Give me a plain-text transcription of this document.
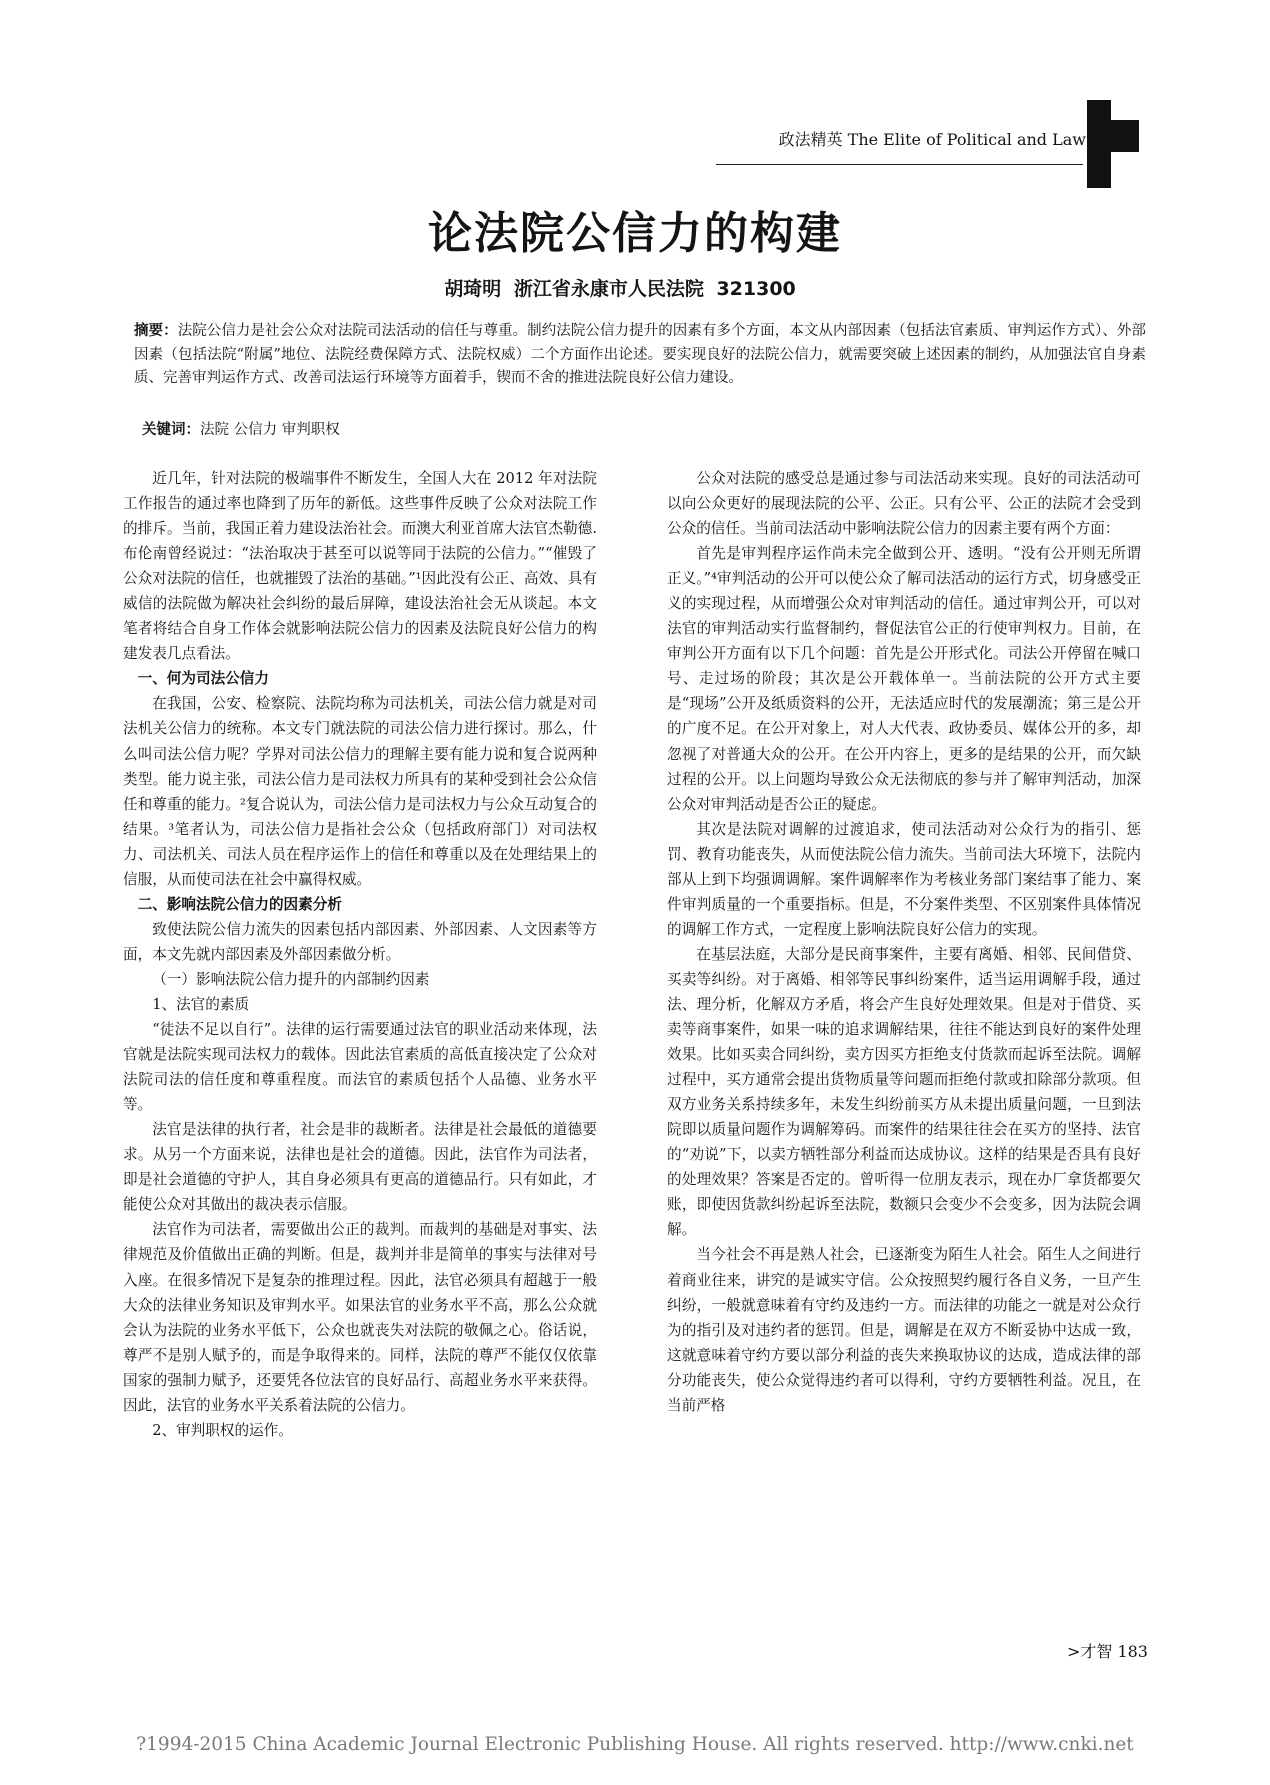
政法精英 The Elite of Political and Law
论法院公信力的构建
胡琦明 浙江省永康市人民法院 321300
摘要：法院公信力是社会公众对法院司法活动的信任与尊重。制约法院公信力提升的因素有多个方面，本文从内部因素（包括法官素质、审判运作方式）、外部因素（包括法院“附属”地位、法院经费保障方式、法院权威）二个方面作出论述。要实现良好的法院公信力，就需要突破上述因素的制约，从加强法官自身素质、完善审判运作方式、改善司法运行环境等方面着手，锲而不舍的推进法院良好公信力建设。
关键词：法院 公信力 审判职权

近几年，针对法院的极端事件不断发生，全国人大在 2012 年对法院工作报告的通过率也降到了历年的新低。这些事件反映了公众对法院工作的排斥。当前，我国正着力建设法治社会。而澳大利亚首席大法官杰勒德.布伦南曾经说过：“法治取决于甚至可以说等同于法院的公信力。”“催毁了公众对法院的信任，也就摧毁了法治的基础。”¹因此没有公正、高效、具有威信的法院做为解决社会纠纷的最后屏障，建设法治社会无从谈起。本文笔者将结合自身工作体会就影响法院公信力的因素及法院良好公信力的构建发表几点看法。

一、何为司法公信力

在我国，公安、检察院、法院均称为司法机关，司法公信力就是对司法机关公信力的统称。本文专门就法院的司法公信力进行探讨。那么，什么叫司法公信力呢？学界对司法公信力的理解主要有能力说和复合说两种类型。能力说主张，司法公信力是司法权力所具有的某种受到社会公众信任和尊重的能力。²复合说认为，司法公信力是司法权力与公众互动复合的结果。³笔者认为，司法公信力是指社会公众（包括政府部门）对司法权力、司法机关、司法人员在程序运作上的信任和尊重以及在处理结果上的信服，从而使司法在社会中赢得权威。

二、影响法院公信力的因素分析

致使法院公信力流失的因素包括内部因素、外部因素、人文因素等方面，本文先就内部因素及外部因素做分析。

（一）影响法院公信力提升的内部制约因素

1、法官的素质

“徒法不足以自行”。法律的运行需要通过法官的职业活动来体现，法官就是法院实现司法权力的载体。因此法官素质的高低直接决定了公众对法院司法的信任度和尊重程度。而法官的素质包括个人品德、业务水平等。

法官是法律的执行者，社会是非的裁断者。法律是社会最低的道德要求。从另一个方面来说，法律也是社会的道德。因此，法官作为司法者，即是社会道德的守护人，其自身必须具有更高的道德品行。只有如此，才能使公众对其做出的裁决表示信服。

法官作为司法者，需要做出公正的裁判。而裁判的基础是对事实、法律规范及价值做出正确的判断。但是，裁判并非是简单的事实与法律对号入座。在很多情况下是复杂的推理过程。因此，法官必须具有超越于一般大众的法律业务知识及审判水平。如果法官的业务水平不高，那么公众就会认为法院的业务水平低下，公众也就丧失对法院的敬佩之心。俗话说，尊严不是别人赋予的，而是争取得来的。同样，法院的尊严不能仅仅依靠国家的强制力赋予，还要凭各位法官的良好品行、高超业务水平来获得。因此，法官的业务水平关系着法院的公信力。

2、审判职权的运作。

公众对法院的感受总是通过参与司法活动来实现。良好的司法活动可以向公众更好的展现法院的公平、公正。只有公平、公正的法院才会受到公众的信任。当前司法活动中影响法院公信力的因素主要有两个方面：

首先是审判程序运作尚未完全做到公开、透明。“没有公开则无所谓正义。”⁴审判活动的公开可以使公众了解司法活动的运行方式，切身感受正义的实现过程，从而增强公众对审判活动的信任。通过审判公开，可以对法官的审判活动实行监督制约，督促法官公正的行使审判权力。目前，在审判公开方面有以下几个问题：首先是公开形式化。司法公开停留在喊口号、走过场的阶段；其次是公开载体单一。当前法院的公开方式主要是“现场”公开及纸质资料的公开，无法适应时代的发展潮流；第三是公开的广度不足。在公开对象上，对人大代表、政协委员、媒体公开的多，却忽视了对普通大众的公开。在公开内容上，更多的是结果的公开，而欠缺过程的公开。以上问题均导致公众无法彻底的参与并了解审判活动，加深公众对审判活动是否公正的疑虑。

其次是法院对调解的过渡追求，使司法活动对公众行为的指引、惩罚、教育功能丧失，从而使法院公信力流失。当前司法大环境下，法院内部从上到下均强调调解。案件调解率作为考核业务部门案结事了能力、案件审判质量的一个重要指标。但是，不分案件类型、不区别案件具体情况的调解工作方式，一定程度上影响法院良好公信力的实现。

在基层法庭，大部分是民商事案件，主要有离婚、相邻、民间借贷、买卖等纠纷。对于离婚、相邻等民事纠纷案件，适当运用调解手段，通过法、理分析，化解双方矛盾，将会产生良好处理效果。但是对于借贷、买卖等商事案件，如果一味的追求调解结果，往往不能达到良好的案件处理效果。比如买卖合同纠纷，卖方因买方拒绝支付货款而起诉至法院。调解过程中，买方通常会提出货物质量等问题而拒绝付款或扣除部分款项。但双方业务关系持续多年，未发生纠纷前买方从未提出质量问题，一旦到法院即以质量问题作为调解筹码。而案件的结果往往会在买方的坚持、法官的“劝说”下，以卖方牺牲部分利益而达成协议。这样的结果是否具有良好的处理效果？答案是否定的。曾听得一位朋友表示，现在办厂拿货都要欠账，即使因货款纠纷起诉至法院，数额只会变少不会变多，因为法院会调解。

当今社会不再是熟人社会，已逐渐变为陌生人社会。陌生人之间进行着商业往来，讲究的是诚实守信。公众按照契约履行各自义务，一旦产生纠纷，一般就意味着有守约及违约一方。而法律的功能之一就是对公众行为的指引及对违约者的惩罚。但是，调解是在双方不断妥协中达成一致，这就意味着守约方要以部分利益的丧失来换取协议的达成，造成法律的部分功能丧失，使公众觉得违约者可以得利，守约方要牺牲利益。况且，在当前严格

>才智 183
?1994-2015 China Academic Journal Electronic Publishing House. All rights reserved. http://www.cnki.net
